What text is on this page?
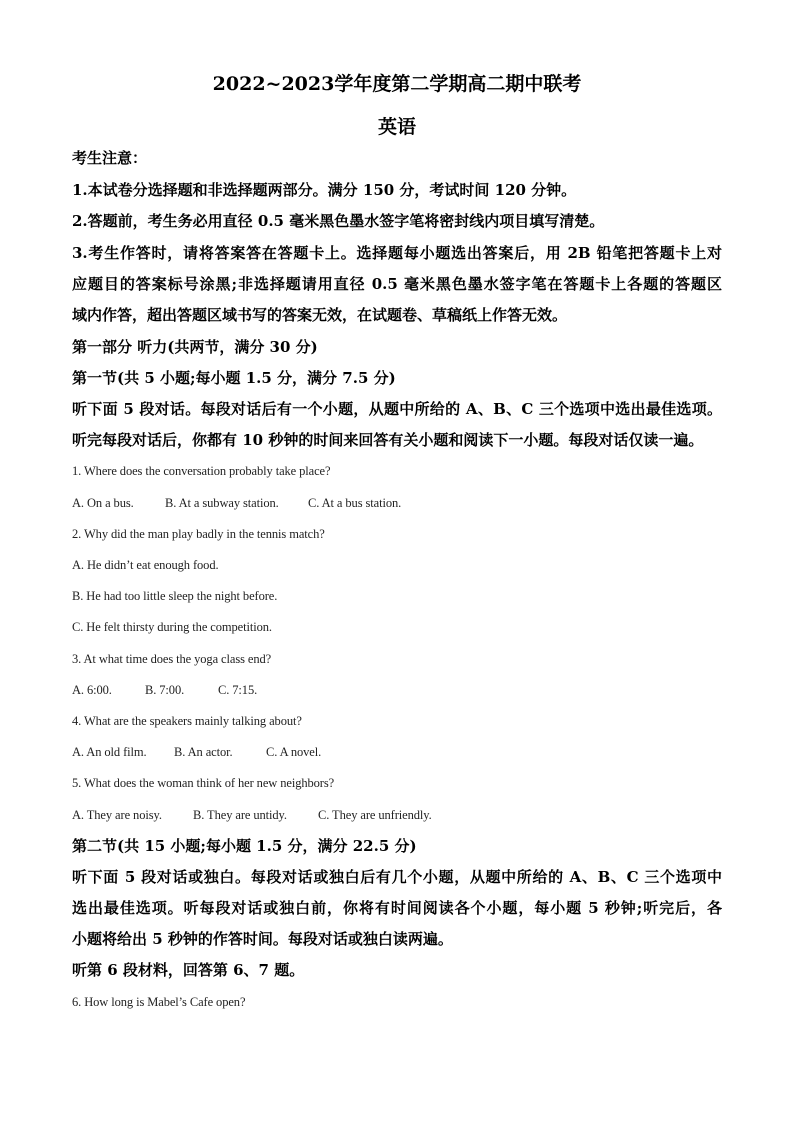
2022~2023学年度第二学期高二期中联考
英语
考生注意：
1.本试卷分选择题和非选择题两部分。满分 150 分，考试时间 120 分钟。
2.答题前，考生务必用直径 0.5 毫米黑色墨水签字笔将密封线内项目填写清楚。
3.考生作答时，请将答案答在答题卡上。选择题每小题选出答案后，用 2B 铅笔把答题卡上对
应题目的答案标号涂黑;非选择题请用直径 0.5 毫米黑色墨水签字笔在答题卡上各题的答题区
域内作答，超出答题区域书写的答案无效，在试题卷、草稿纸上作答无效。
第一部分 听力(共两节，满分 30 分)
第一节(共 5 小题;每小题 1.5 分，满分 7.5 分)
听下面 5 段对话。每段对话后有一个小题，从题中所给的 A、B、C 三个选项中选出最佳选项。
听完每段对话后，你都有 10 秒钟的时间来回答有关小题和阅读下一小题。每段对话仅读一遍。
1. Where does the conversation probably take place?
A. On a bus.	B. At a subway station. C. At a bus station.
2. Why did the man play badly in the tennis match?
A. He didn’t eat enough food.
B. He had too little sleep the night before.
C. He felt thirsty during the competition.
3. At what time does the yoga class end?
A. 6:00.	B. 7:00.	C. 7:15.
4. What are the speakers mainly talking about?
A. An old film. B. An actor.	C. A novel.
5. What does the woman think of her new neighbors?
A. They are noisy. B. They are untidy. C. They are unfriendly.
第二节(共 15 小题;每小题 1.5 分，满分 22.5 分)
听下面 5 段对话或独白。每段对话或独白后有几个小题，从题中所给的 A、B、C 三个选项中
选出最佳选项。听每段对话或独白前，你将有时间阅读各个小题，每小题 5 秒钟;听完后，各
小题将给出 5 秒钟的作答时间。每段对话或独白读两遍。
听第 6 段材料，回答第 6、7 题。
6. How long is Mabel’s Cafe open?
